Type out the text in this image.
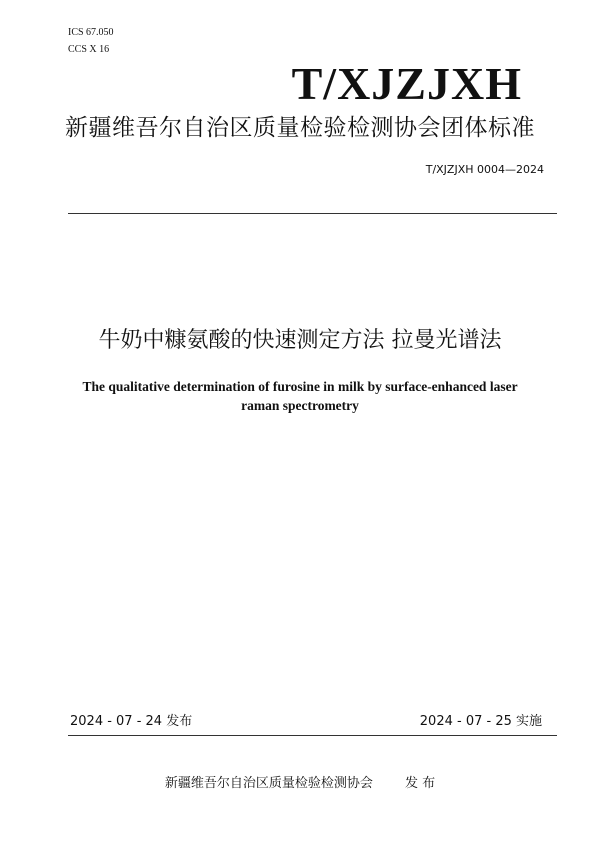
ICS 67.050
CCS X 16
T/XJZJXH
新疆维吾尔自治区质量检验检测协会团体标准
T/XJZJXH 0004—2024
牛奶中糠氨酸的快速测定方法 拉曼光谱法
The qualitative determination of furosine in milk by surface-enhanced laser
raman spectrometry
2024 - 07 - 24 发布	2024 - 07 - 25 实施
新疆维吾尔自治区质量检验检测协会 发 布
